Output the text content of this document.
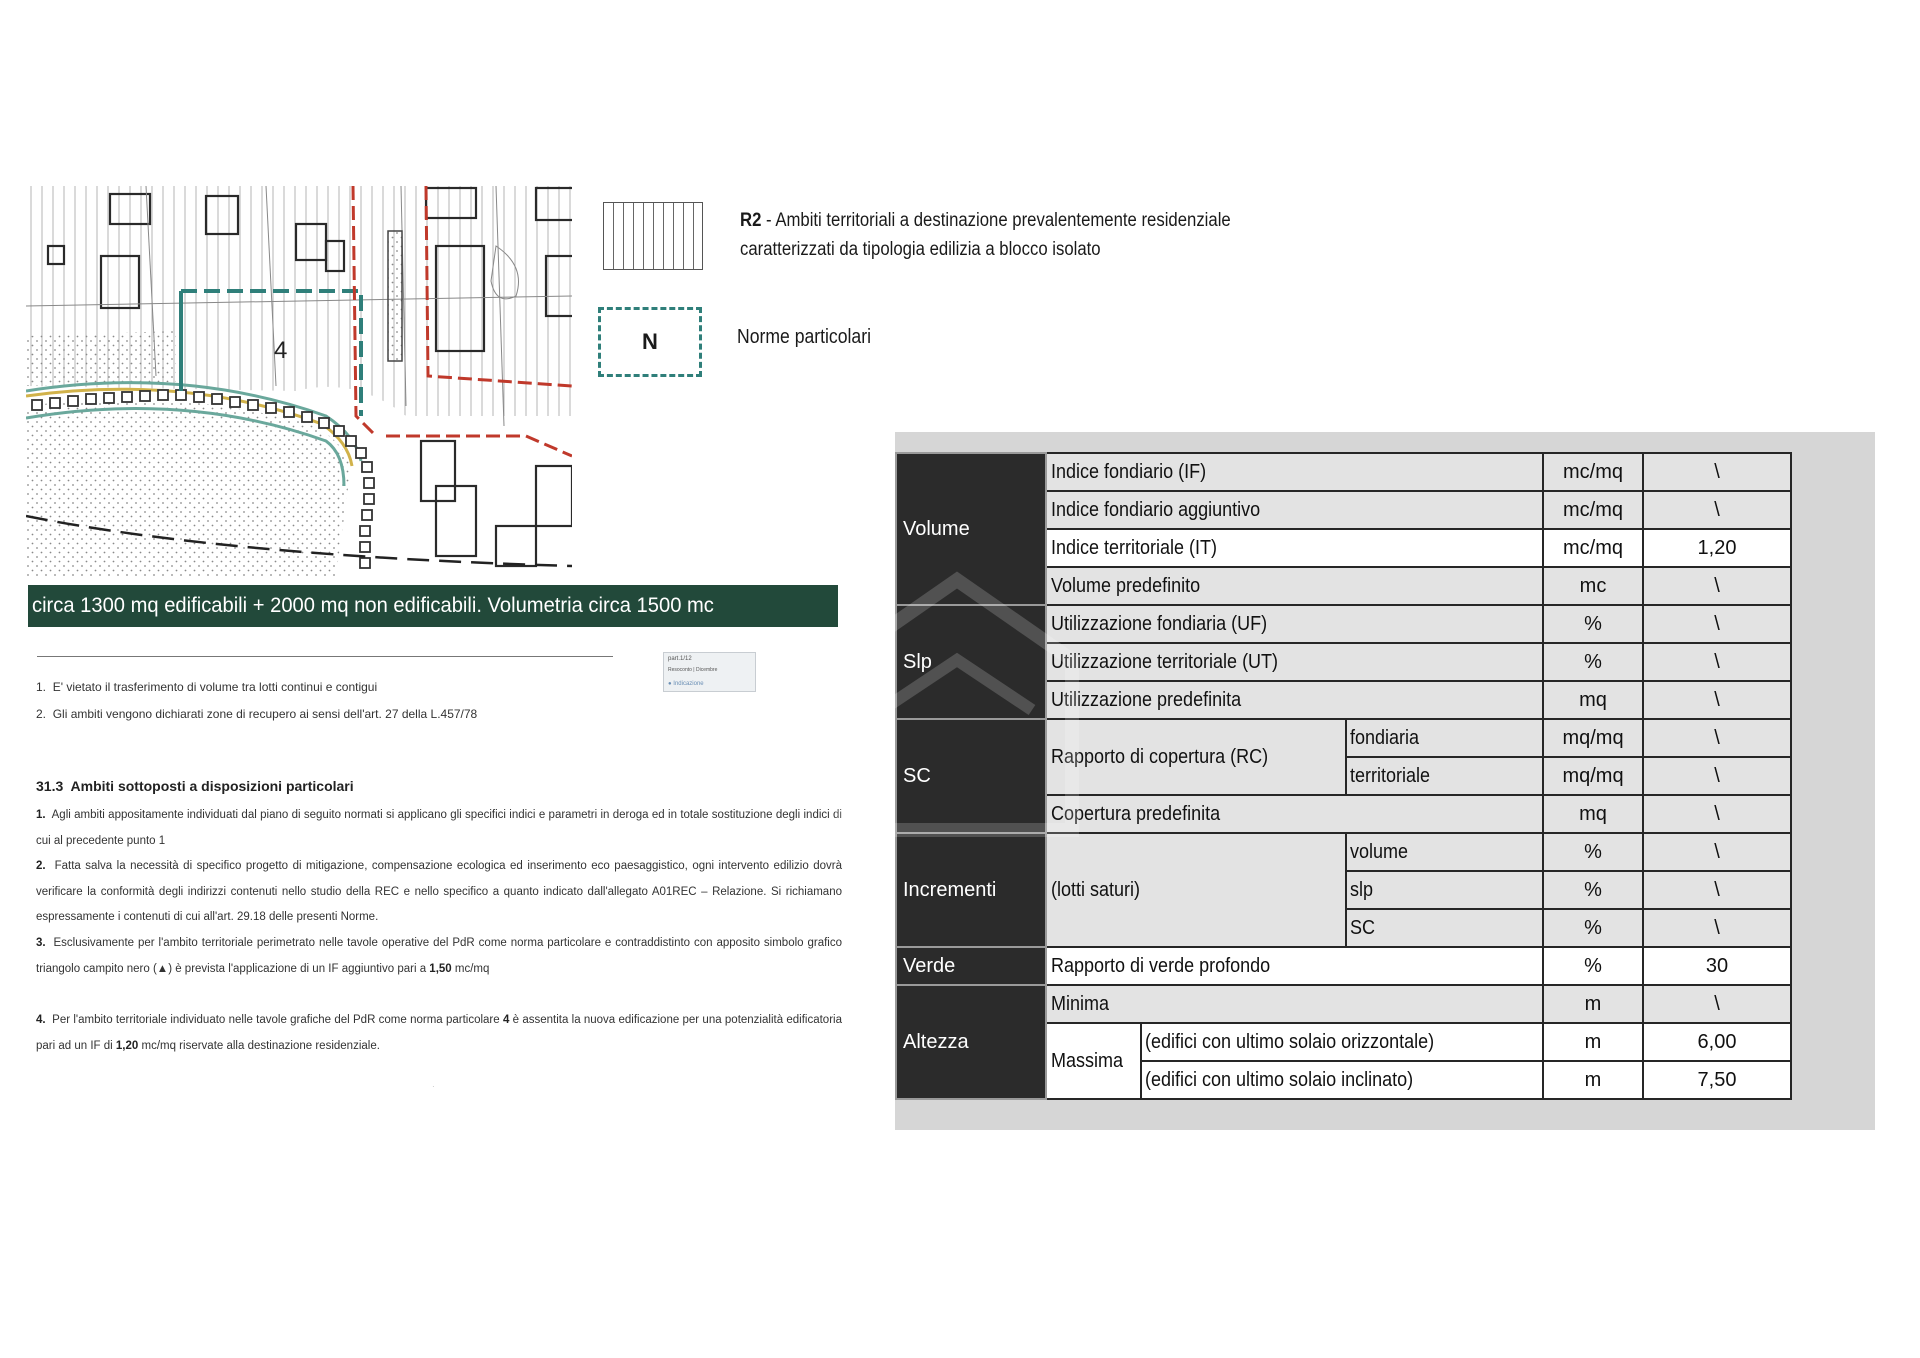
4
R2 - Ambiti territoriali a destinazione prevalentemente residenziale
caratterizzati da tipologia edilizia a blocco isolato
N	Norme particolari
circa 1300 mq edificabili + 2000 mq non edificabili. Volumetria circa 1500 mc
part.1/12
Resoconto | Dicembre
● Indicazione
1. E' vietato il trasferimento di volume tra lotti continui e contigui
2. Gli ambiti vengono dichiarati zone di recupero ai sensi dell'art. 27 della L.457/78
31.3 Ambiti sottoposti a disposizioni particolari
1. Agli ambiti appositamente individuati dal piano di seguito normati si applicano gli specifici indici e parametri in deroga ed in totale sostituzione degli indici di cui al precedente punto 1
2. Fatta salva la necessità di specifico progetto di mitigazione, compensazione ecologica ed inserimento eco paesaggistico, ogni intervento edilizio dovrà verificare la conformità degli indirizzi contenuti nello studio della REC e nello specifico a quanto indicato dall'allegato A01REC – Relazione. Si richiamano espressamente i contenuti di cui all'art. 29.18 delle presenti Norme.
3. Esclusivamente per l'ambito territoriale perimetrato nelle tavole operative del PdR come norma particolare e contraddistinto con apposito simbolo grafico triangolo campito nero (▲) è prevista l'applicazione di un IF aggiuntivo pari a 1,50 mc/mq
4. Per l'ambito territoriale individuato nelle tavole grafiche del PdR come norma particolare 4 è assentita la nuova edificazione per una potenzialità edificatoria pari ad un IF di 1,20 mc/mq riservate alla destinazione residenziale.
·
Volume	Indice fondiario (IF)			mc/mq	\
	Indice fondiario aggiuntivo			mc/mq	\
	Indice territoriale (IT)			mc/mq	1,20
	Volume predefinito			mc	\
Slp	Utilizzazione fondiaria (UF)			%	\
	Utilizzazione territoriale (UT)			%	\
	Utilizzazione predefinita			mq	\
SC	Rapporto di copertura (RC)		fondiaria	mq/mq	\
			territoriale	mq/mq	\
	Copertura predefinita			mq	\
Incrementi	(lotti saturi)		volume	%	\
			slp	%	\
			SC	%	\
Verde	Rapporto di verde profondo			%	30
Altezza	Minima			m	\
	Massima	(edifici con ultimo solaio orizzontale)		m	6,00
		(edifici con ultimo solaio inclinato)		m	7,50
